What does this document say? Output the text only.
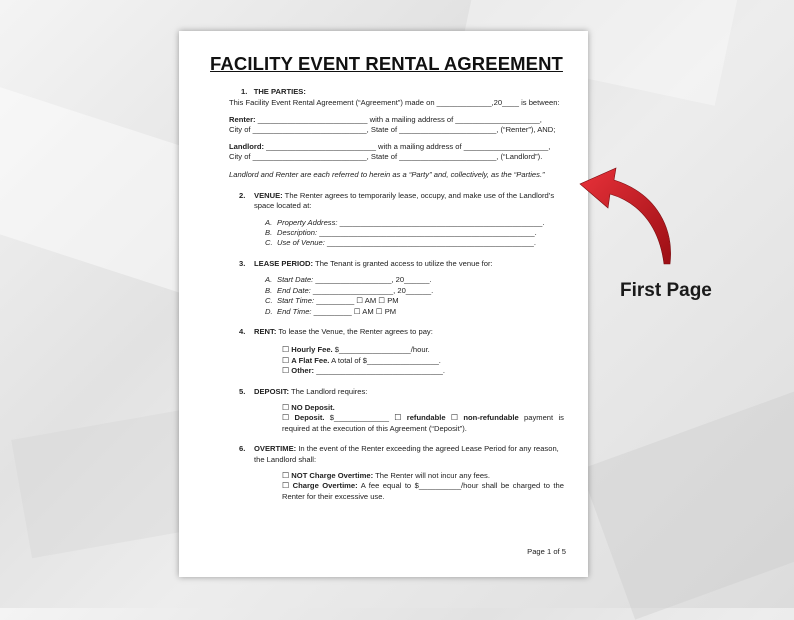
FACILITY EVENT RENTAL AGREEMENT

1. THE PARTIES:

This Facility Event Rental Agreement (“Agreement”) made on _____________,20____ is between:

Renter: __________________________ with a mailing address of ____________________,

City of ___________________________, State of _______________________, (“Renter”), AND;

Landlord: __________________________ with a mailing address of ____________________,

City of ___________________________, State of _______________________, (“Landlord”).

Landlord and Renter are each referred to herein as a “Party” and, collectively, as the “Parties.”

2. VENUE: The Renter agrees to temporarily lease, occupy, and make use of the Landlord’s space located at:

A. Property Address: ________________________________________________.

B. Description: ___________________________________________________.

C. Use of Venue: _________________________________________________.

3. LEASE PERIOD: The Tenant is granted access to utilize the venue for:

A. Start Date: __________________, 20______.

B. End Date: ___________________, 20______.

C. Start Time: _________ ☐ AM ☐ PM

D. End Time: _________ ☐ AM ☐ PM

4. RENT: To lease the Venue, the Renter agrees to pay:

☐ Hourly Fee. $_________________/hour.

☐ A Flat Fee. A total of $_________________.

☐ Other: ______________________________.

5. DEPOSIT: The Landlord requires:

☐ NO Deposit.

☐ Deposit. $_____________ ☐ refundable ☐ non-refundable payment is required at the execution of this Agreement (“Deposit”).

6. OVERTIME: In the event of the Renter exceeding the agreed Lease Period for any reason, the Landlord shall:

☐ NOT Charge Overtime: The Renter will not incur any fees.

☐ Charge Overtime: A fee equal to $__________/hour shall be charged to the Renter for their excessive use.

Page 1 of 5
First Page
